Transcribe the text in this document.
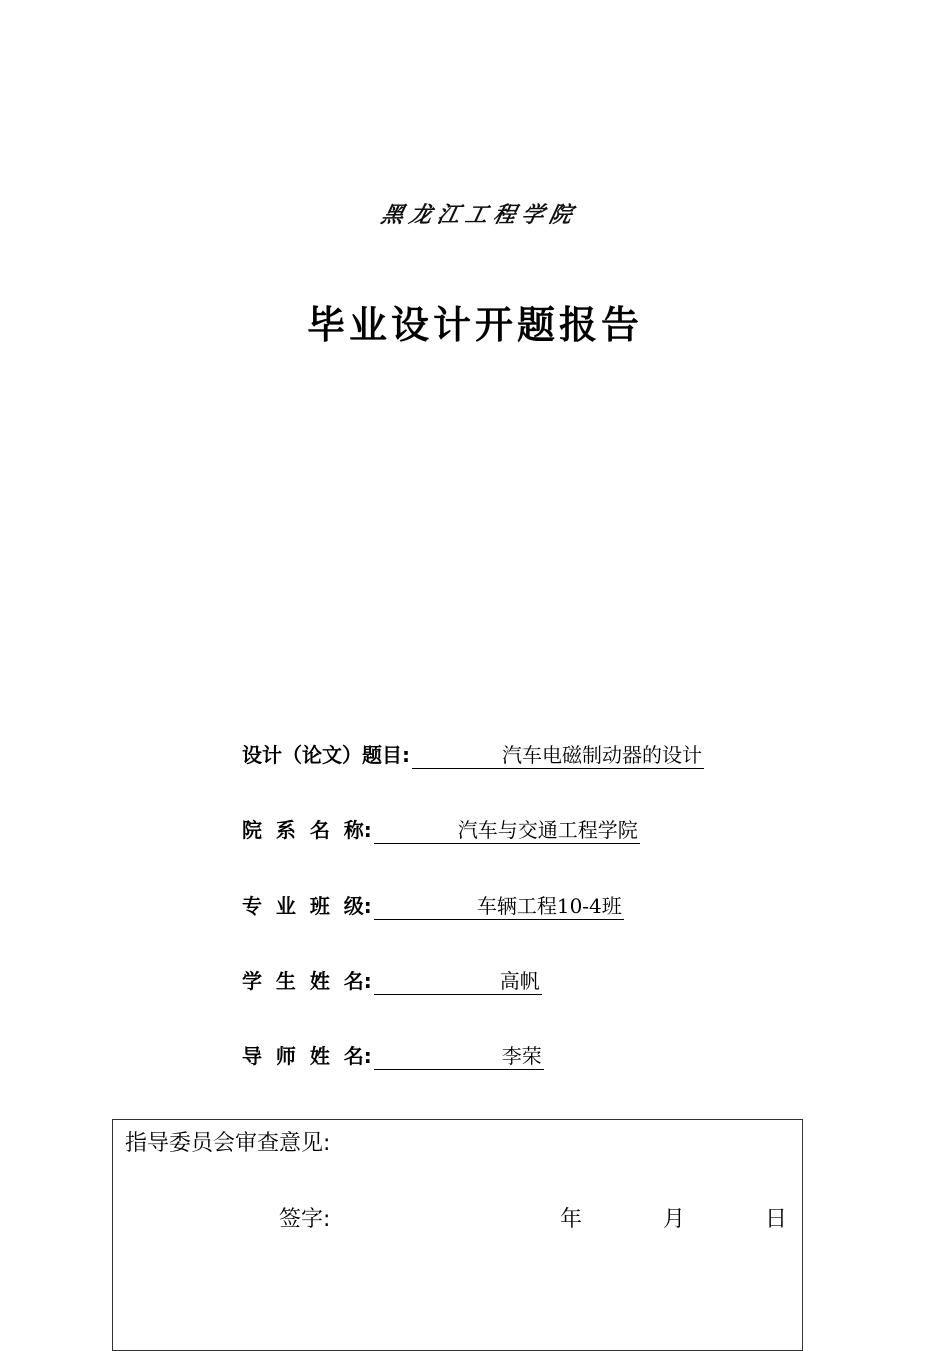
黑龙江工程学院
毕业设计开题报告
设计（论文）题目:	汽车电磁制动器的设计
院  系  名  称:	汽车与交通工程学院
专  业  班  级:	车辆工程10-4班
学  生  姓  名:	高帆
导  师  姓  名:	李荣
指导委员会审查意见:
签字:	年	月	日
